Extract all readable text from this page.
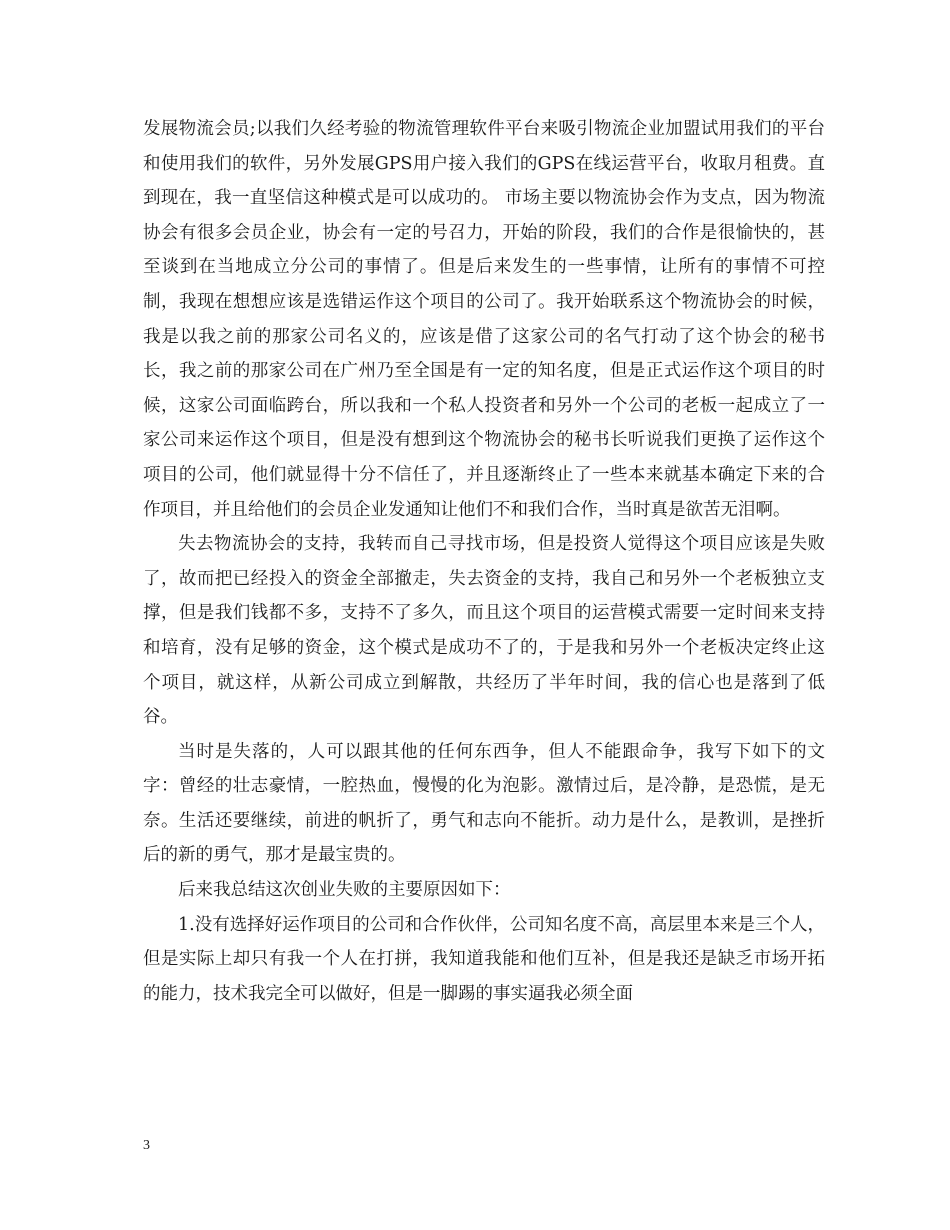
发展物流会员;以我们久经考验的物流管理软件平台来吸引物流企业加盟试用我们的平台和使用我们的软件，另外发展GPS用户接入我们的GPS在线运营平台，收取月租费。直到现在，我一直坚信这种模式是可以成功的。 市场主要以物流协会作为支点，因为物流协会有很多会员企业，协会有一定的号召力，开始的阶段，我们的合作是很愉快的，甚至谈到在当地成立分公司的事情了。但是后来发生的一些事情，让所有的事情不可控制，我现在想想应该是选错运作这个项目的公司了。我开始联系这个物流协会的时候，我是以我之前的那家公司名义的，应该是借了这家公司的名气打动了这个协会的秘书长，我之前的那家公司在广州乃至全国是有一定的知名度，但是正式运作这个项目的时候，这家公司面临跨台，所以我和一个私人投资者和另外一个公司的老板一起成立了一家公司来运作这个项目，但是没有想到这个物流协会的秘书长听说我们更换了运作这个项目的公司，他们就显得十分不信任了，并且逐渐终止了一些本来就基本确定下来的合作项目，并且给他们的会员企业发通知让他们不和我们合作，当时真是欲苦无泪啊。

失去物流协会的支持，我转而自己寻找市场，但是投资人觉得这个项目应该是失败了，故而把已经投入的资金全部撤走，失去资金的支持，我自己和另外一个老板独立支撑，但是我们钱都不多，支持不了多久，而且这个项目的运营模式需要一定时间来支持和培育，没有足够的资金，这个模式是成功不了的，于是我和另外一个老板决定终止这个项目，就这样，从新公司成立到解散，共经历了半年时间，我的信心也是落到了低谷。

当时是失落的，人可以跟其他的任何东西争，但人不能跟命争，我写下如下的文字：曾经的壮志豪情，一腔热血，慢慢的化为泡影。激情过后，是冷静，是恐慌，是无奈。生活还要继续，前进的帆折了，勇气和志向不能折。动力是什么，是教训，是挫折后的新的勇气，那才是最宝贵的。

后来我总结这次创业失败的主要原因如下：

1.没有选择好运作项目的公司和合作伙伴，公司知名度不高，高层里本来是三个人，但是实际上却只有我一个人在打拼，我知道我能和他们互补，但是我还是缺乏市场开拓的能力，技术我完全可以做好，但是一脚踢的事实逼我必须全面

3
